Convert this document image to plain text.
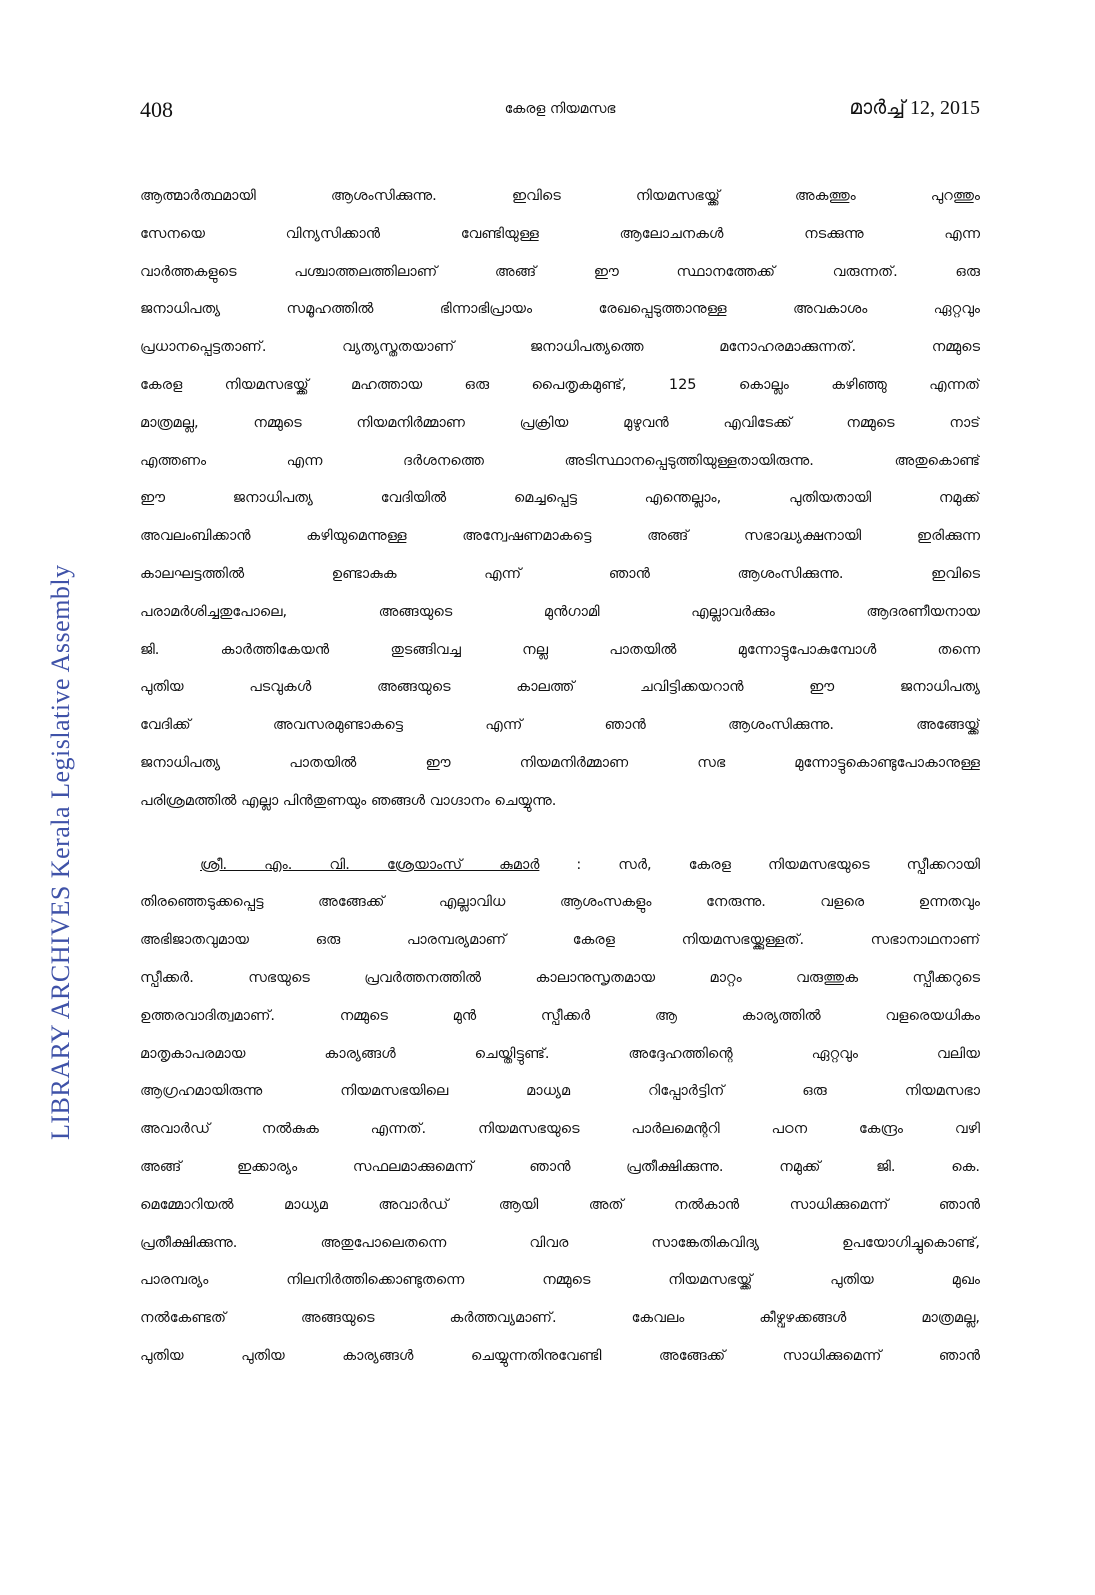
408	കേരള നിയമസഭ	മാർച്ച് 12, 2015
LIBRARY ARCHIVES Kerala Legislative Assembly
ആത്മാർത്ഥമായി ആശംസിക്കുന്നു. ഇവിടെ നിയമസഭയ്ക്ക് അകത്തും പുറത്തും
സേനയെ വിന്യസിക്കാൻ വേണ്ടിയുള്ള ആലോചനകൾ നടക്കുന്നു എന്ന
വാർത്തകളുടെ പശ്ചാത്തലത്തിലാണ് അങ്ങ് ഈ സ്ഥാനത്തേക്ക് വരുന്നത്. ഒരു
ജനാധിപത്യ സമൂഹത്തിൽ ഭിന്നാഭിപ്രായം രേഖപ്പെടുത്താനുള്ള അവകാശം ഏറ്റവും
പ്രധാനപ്പെട്ടതാണ്. വ്യത്യസ്തതയാണ് ജനാധിപത്യത്തെ മനോഹരമാക്കുന്നത്. നമ്മുടെ
കേരള നിയമസഭയ്ക്ക് മഹത്തായ ഒരു പൈതൃകമുണ്ട്, 125 കൊല്ലം കഴിഞ്ഞു എന്നത്
മാത്രമല്ല, നമ്മുടെ നിയമനിർമ്മാണ പ്രക്രിയ മുഴുവൻ എവിടേക്ക് നമ്മുടെ നാട്
എത്തണം എന്ന ദർശനത്തെ അടിസ്ഥാനപ്പെടുത്തിയുള്ളതായിരുന്നു. അതുകൊണ്ട്
ഈ ജനാധിപത്യ വേദിയിൽ മെച്ചപ്പെട്ട എന്തെല്ലാം, പുതിയതായി നമുക്ക്
അവലംബിക്കാൻ കഴിയുമെന്നുള്ള അന്വേഷണമാകട്ടെ അങ്ങ് സഭാദ്ധ്യക്ഷനായി ഇരിക്കുന്ന
കാലഘട്ടത്തിൽ ഉണ്ടാകുക എന്ന് ഞാൻ ആശംസിക്കുന്നു. ഇവിടെ
പരാമർശിച്ചതുപോലെ, അങ്ങയുടെ മുൻഗാമി എല്ലാവർക്കും ആദരണീയനായ
ജി. കാർത്തികേയൻ തുടങ്ങിവച്ച നല്ല പാതയിൽ മുന്നോട്ടുപോകുമ്പോൾ തന്നെ
പുതിയ പടവുകൾ അങ്ങയുടെ കാലത്ത് ചവിട്ടിക്കയറാൻ ഈ ജനാധിപത്യ
വേദിക്ക് അവസരമുണ്ടാകട്ടെ എന്ന് ഞാൻ ആശംസിക്കുന്നു. അങ്ങേയ്ക്ക്
ജനാധിപത്യ പാതയിൽ ഈ നിയമനിർമ്മാണ സഭ മുന്നോട്ടുകൊണ്ടുപോകാനുള്ള
പരിശ്രമത്തിൽ എല്ലാ പിൻതുണയും ഞങ്ങൾ വാഗ്ദാനം ചെയ്യുന്നു.
ശ്രീ. എം. വി. ശ്രേയാംസ് കുമാർ	: സർ, കേരള നിയമസഭയുടെ സ്പീക്കറായി
തിരഞ്ഞെടുക്കപ്പെട്ട അങ്ങേക്ക് എല്ലാവിധ ആശംസകളും നേരുന്നു. വളരെ ഉന്നതവും
അഭിജാതവുമായ ഒരു പാരമ്പര്യമാണ് കേരള നിയമസഭയ്ക്കുള്ളത്. സഭാനാഥനാണ്
സ്പീക്കർ. സഭയുടെ പ്രവർത്തനത്തിൽ കാലാനുസൃതമായ മാറ്റം വരുത്തുക സ്പീക്കറുടെ
ഉത്തരവാദിത്വമാണ്. നമ്മുടെ മുൻ സ്പീക്കർ ആ കാര്യത്തിൽ വളരെയധികം
മാതൃകാപരമായ കാര്യങ്ങൾ ചെയ്തിട്ടുണ്ട്. അദ്ദേഹത്തിന്റെ ഏറ്റവും വലിയ
ആഗ്രഹമായിരുന്നു നിയമസഭയിലെ മാധ്യമ റിപ്പോർട്ടിന് ഒരു നിയമസഭാ
അവാർഡ് നൽകുക എന്നത്. നിയമസഭയുടെ പാർലമെന്ററി പഠന കേന്ദ്രം വഴി
അങ്ങ് ഇക്കാര്യം സഫലമാക്കുമെന്ന് ഞാൻ പ്രതീക്ഷിക്കുന്നു. നമുക്ക് ജി. കെ.
മെമ്മോറിയൽ മാധ്യമ അവാർഡ് ആയി അത് നൽകാൻ സാധിക്കുമെന്ന് ഞാൻ
പ്രതീക്ഷിക്കുന്നു. അതുപോലെതന്നെ വിവര സാങ്കേതികവിദ്യ ഉപയോഗിച്ചുകൊണ്ട്,
പാരമ്പര്യം നിലനിർത്തിക്കൊണ്ടുതന്നെ നമ്മുടെ നിയമസഭയ്ക്ക് പുതിയ മുഖം
നൽകേണ്ടത് അങ്ങയുടെ കർത്തവ്യമാണ്. കേവലം കീഴ്വഴക്കങ്ങൾ മാത്രമല്ല,
പുതിയ പുതിയ കാര്യങ്ങൾ ചെയ്യുന്നതിനുവേണ്ടി അങ്ങേക്ക് സാധിക്കുമെന്ന് ഞാൻ
